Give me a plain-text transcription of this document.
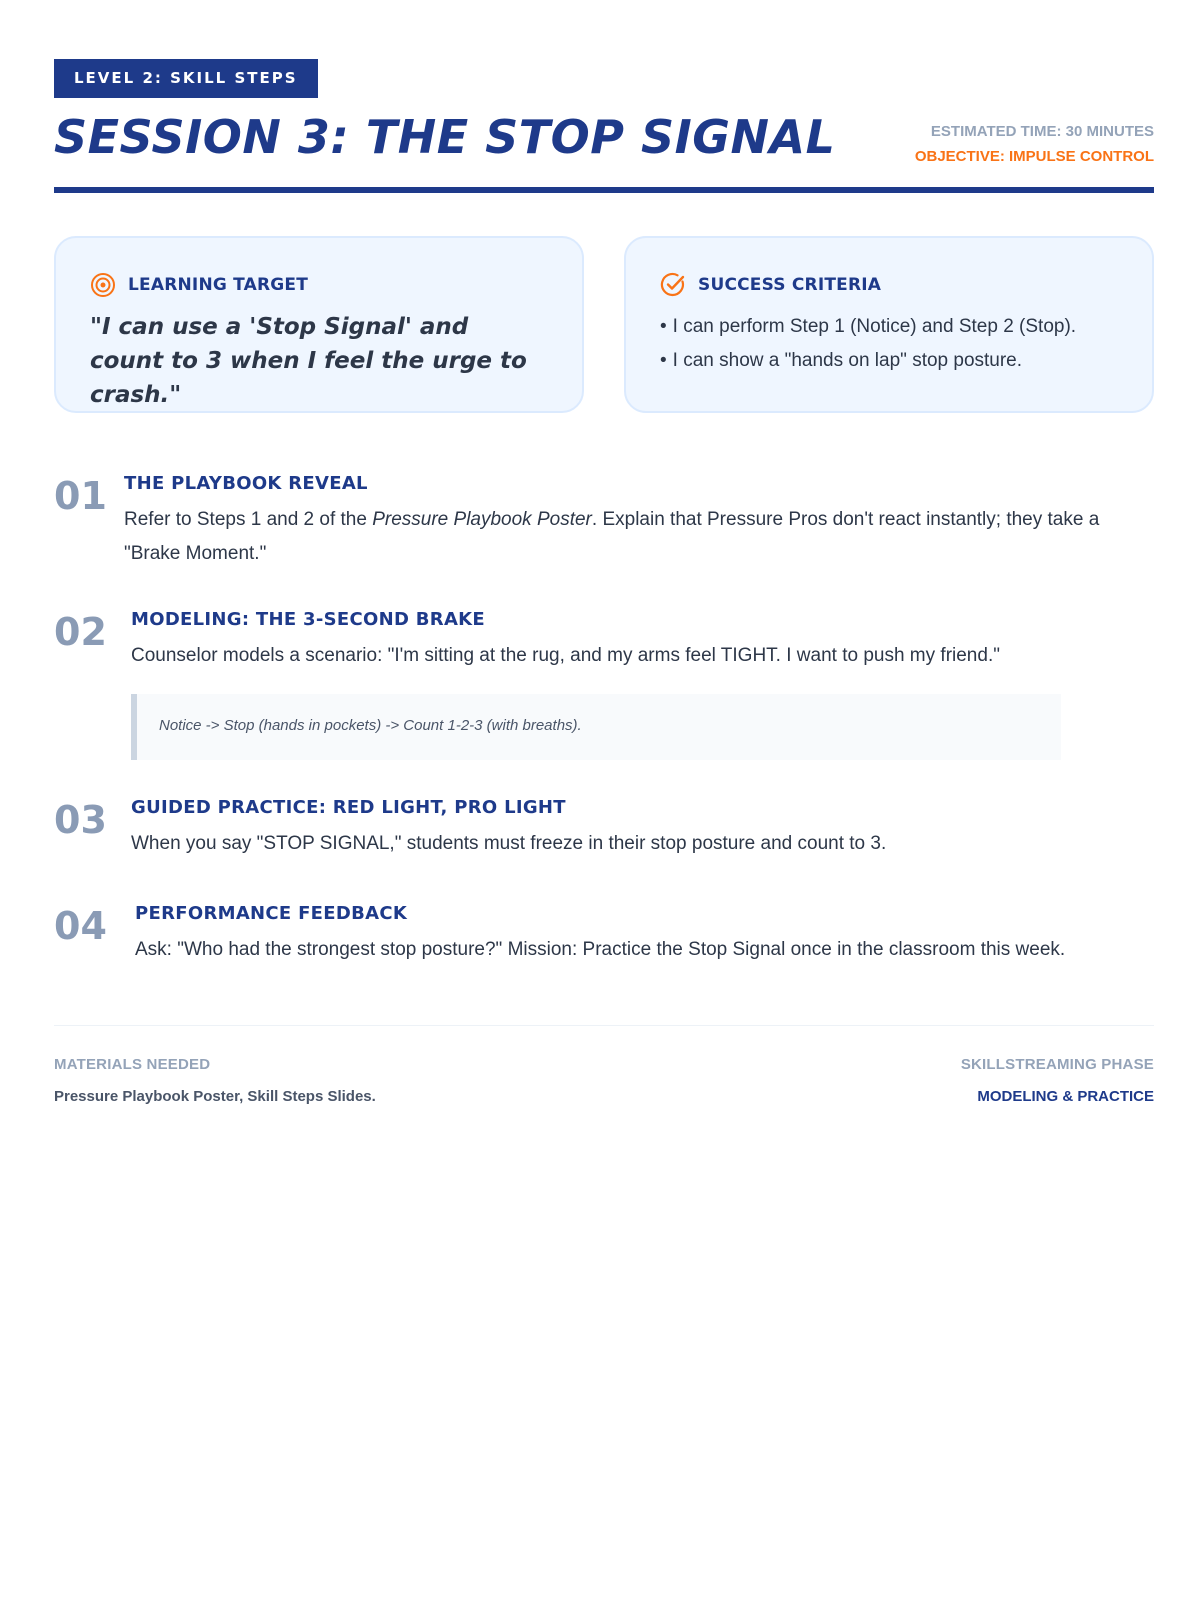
LEVEL 2: SKILL STEPS
SESSION 3: THE STOP SIGNAL	ESTIMATED TIME: 30 MINUTES
OBJECTIVE: IMPULSE CONTROL
LEARNING TARGET
"I can use a 'Stop Signal' and count to 3 when I feel the urge to crash."
SUCCESS CRITERIA
• I can perform Step 1 (Notice) and Step 2 (Stop).
• I can show a "hands on lap" stop posture.
01 THE PLAYBOOK REVEAL
Refer to Steps 1 and 2 of the Pressure Playbook Poster. Explain that Pressure Pros don't react instantly; they take a "Brake Moment."
02 MODELING: THE 3-SECOND BRAKE
Counselor models a scenario: "I'm sitting at the rug, and my arms feel TIGHT. I want to push my friend."
Notice -> Stop (hands in pockets) -> Count 1-2-3 (with breaths).
03 GUIDED PRACTICE: RED LIGHT, PRO LIGHT
When you say "STOP SIGNAL," students must freeze in their stop posture and count to 3.
04 PERFORMANCE FEEDBACK
Ask: "Who had the strongest stop posture?" Mission: Practice the Stop Signal once in the classroom this week.
MATERIALS NEEDED
Pressure Playbook Poster, Skill Steps Slides.
SKILLSTREAMING PHASE
MODELING & PRACTICE
